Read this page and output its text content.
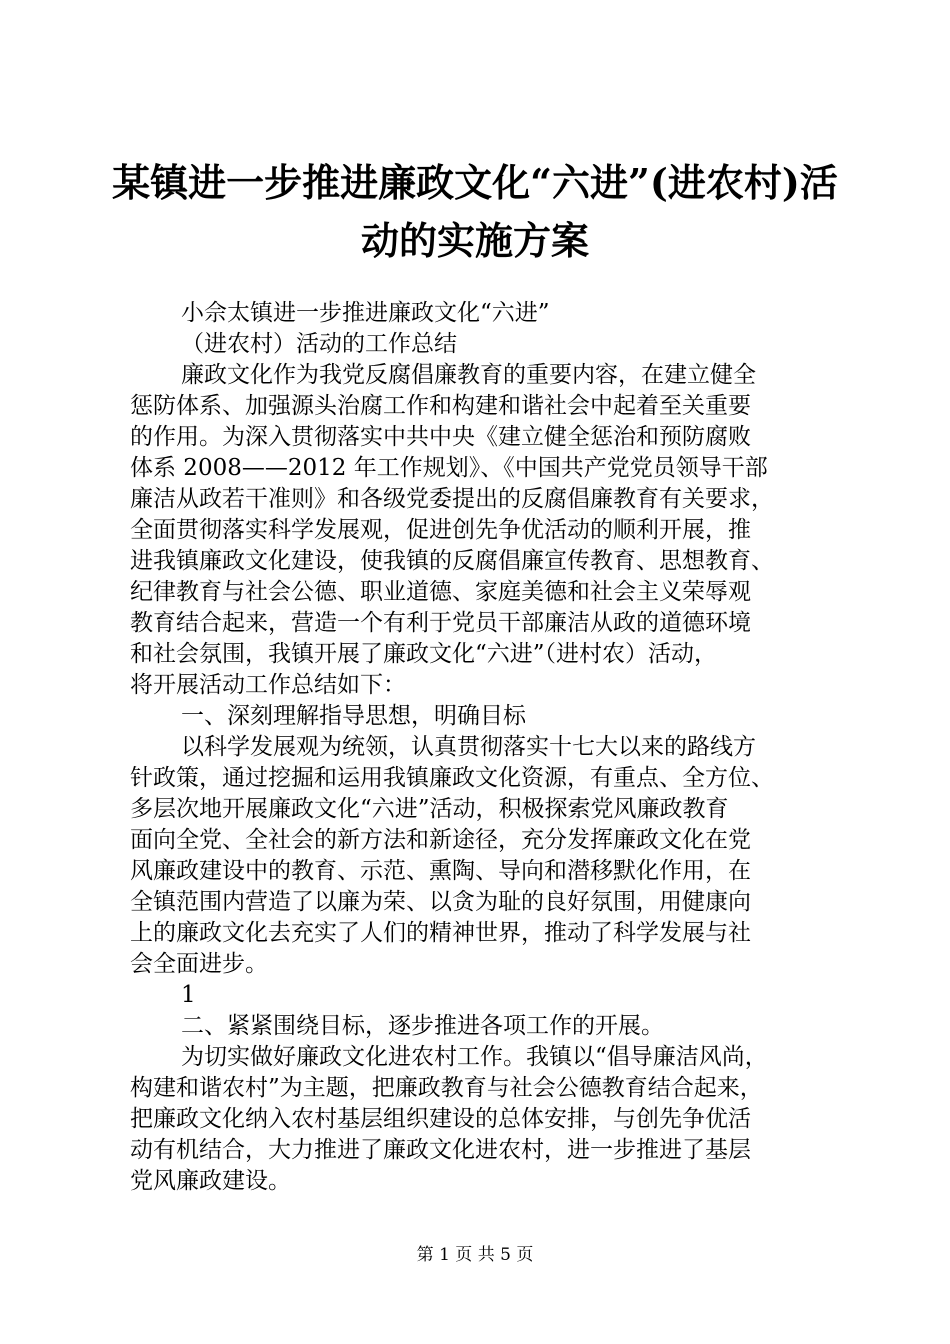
某镇进一步推进廉政文化“六进”(进农村)活
动的实施方案
小佘太镇进一步推进廉政文化“六进”
（进农村）活动的工作总结
廉政文化作为我党反腐倡廉教育的重要内容，在建立健全
惩防体系、加强源头治腐工作和构建和谐社会中起着至关重要
的作用。为深入贯彻落实中共中央《建立健全惩治和预防腐败
体系 2008——2012 年工作规划》、《中国共产党党员领导干部
廉洁从政若干准则》和各级党委提出的反腐倡廉教育有关要求，
全面贯彻落实科学发展观，促进创先争优活动的顺利开展，推
进我镇廉政文化建设，使我镇的反腐倡廉宣传教育、思想教育、
纪律教育与社会公德、职业道德、家庭美德和社会主义荣辱观
教育结合起来，营造一个有利于党员干部廉洁从政的道德环境
和社会氛围，我镇开展了廉政文化“六进”（进村农）活动，
将开展活动工作总结如下：
一、深刻理解指导思想，明确目标
以科学发展观为统领，认真贯彻落实十七大以来的路线方
针政策，通过挖掘和运用我镇廉政文化资源，有重点、全方位、
多层次地开展廉政文化“六进”活动，积极探索党风廉政教育
面向全党、全社会的新方法和新途径，充分发挥廉政文化在党
风廉政建设中的教育、示范、熏陶、导向和潜移默化作用，在
全镇范围内营造了以廉为荣、以贪为耻的良好氛围，用健康向
上的廉政文化去充实了人们的精神世界，推动了科学发展与社
会全面进步。
1
二、紧紧围绕目标，逐步推进各项工作的开展。
为切实做好廉政文化进农村工作。我镇以“倡导廉洁风尚，
构建和谐农村”为主题，把廉政教育与社会公德教育结合起来，
把廉政文化纳入农村基层组织建设的总体安排，与创先争优活
动有机结合，大力推进了廉政文化进农村，进一步推进了基层
党风廉政建设。
第 1 页 共 5 页
